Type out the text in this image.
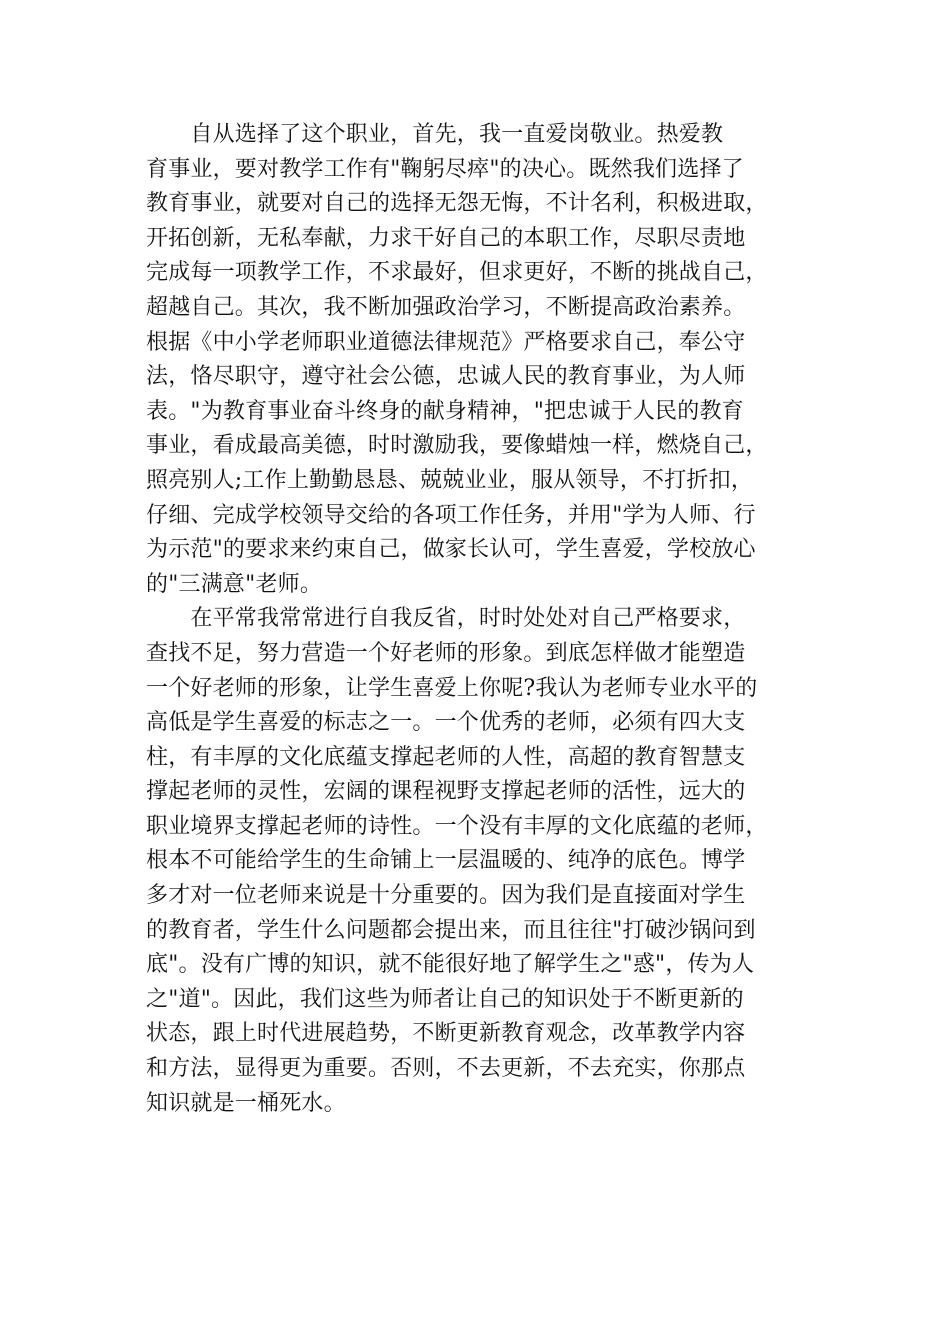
　　自从选择了这个职业，首先，我一直爱岗敬业。热爱教
育事业，要对教学工作有"鞠躬尽瘁"的决心。既然我们选择了
教育事业，就要对自己的选择无怨无悔，不计名利，积极进取，
开拓创新，无私奉献，力求干好自己的本职工作，尽职尽责地
完成每一项教学工作，不求最好，但求更好，不断的挑战自己，
超越自己。其次，我不断加强政治学习，不断提高政治素养。
根据《中小学老师职业道德法律规范》严格要求自己，奉公守
法，恪尽职守，遵守社会公德，忠诚人民的教育事业，为人师
表。"为教育事业奋斗终身的献身精神，"把忠诚于人民的教育
事业，看成最高美德，时时激励我，要像蜡烛一样，燃烧自己，
照亮别人;工作上勤勤恳恳、兢兢业业，服从领导，不打折扣，
仔细、完成学校领导交给的各项工作任务，并用"学为人师、行
为示范"的要求来约束自己，做家长认可，学生喜爱，学校放心
的"三满意"老师。

　　在平常我常常进行自我反省，时时处处对自己严格要求，
查找不足，努力营造一个好老师的形象。到底怎样做才能塑造
一个好老师的形象，让学生喜爱上你呢?我认为老师专业水平的
高低是学生喜爱的标志之一。一个优秀的老师，必须有四大支
柱，有丰厚的文化底蕴支撑起老师的人性，高超的教育智慧支
撑起老师的灵性，宏阔的课程视野支撑起老师的活性，远大的
职业境界支撑起老师的诗性。一个没有丰厚的文化底蕴的老师，
根本不可能给学生的生命铺上一层温暖的、纯净的底色。博学
多才对一位老师来说是十分重要的。因为我们是直接面对学生
的教育者，学生什么问题都会提出来，而且往往"打破沙锅问到
底"。没有广博的知识，就不能很好地了解学生之"惑"，传为人
之"道"。因此，我们这些为师者让自己的知识处于不断更新的
状态，跟上时代进展趋势，不断更新教育观念，改革教学内容
和方法，显得更为重要。否则，不去更新，不去充实，你那点
知识就是一桶死水。
